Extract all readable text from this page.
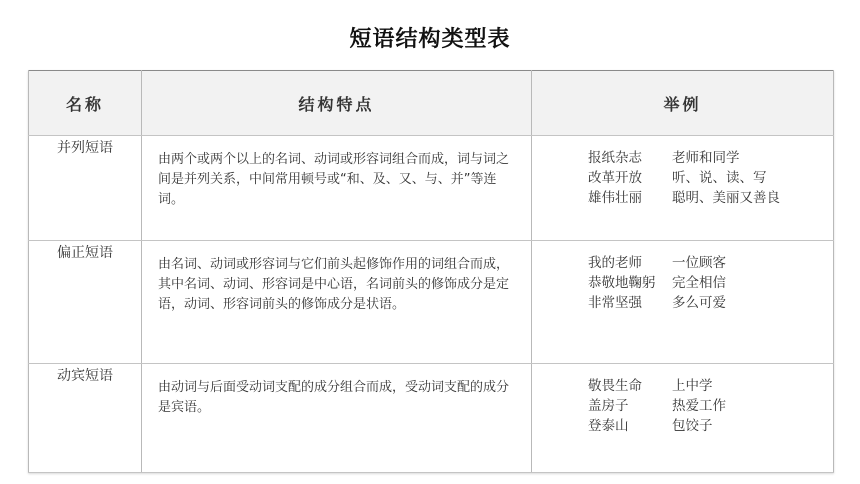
短语结构类型表
名称	结构特点	举例
并列短语	由两个或两个以上的名词、动词或形容词组合而成，词与词之间是并列关系，中间常用顿号或“和、及、又、与、并”等连词。	报纸杂志 老师和同学
改革开放 听、说、读、写
雄伟壮丽 聪明、美丽又善良

偏正短语	由名词、动词或形容词与它们前头起修饰作用的词组合而成，其中名词、动词、形容词是中心语，名词前头的修饰成分是定语，动词、形容词前头的修饰成分是状语。	我的老师 一位顾客
恭敬地鞠躬 完全相信
非常坚强 多么可爱

动宾短语	由动词与后面受动词支配的成分组合而成，受动词支配的成分是宾语。	敬畏生命 上中学
盖房子 热爱工作
登泰山 包饺子
